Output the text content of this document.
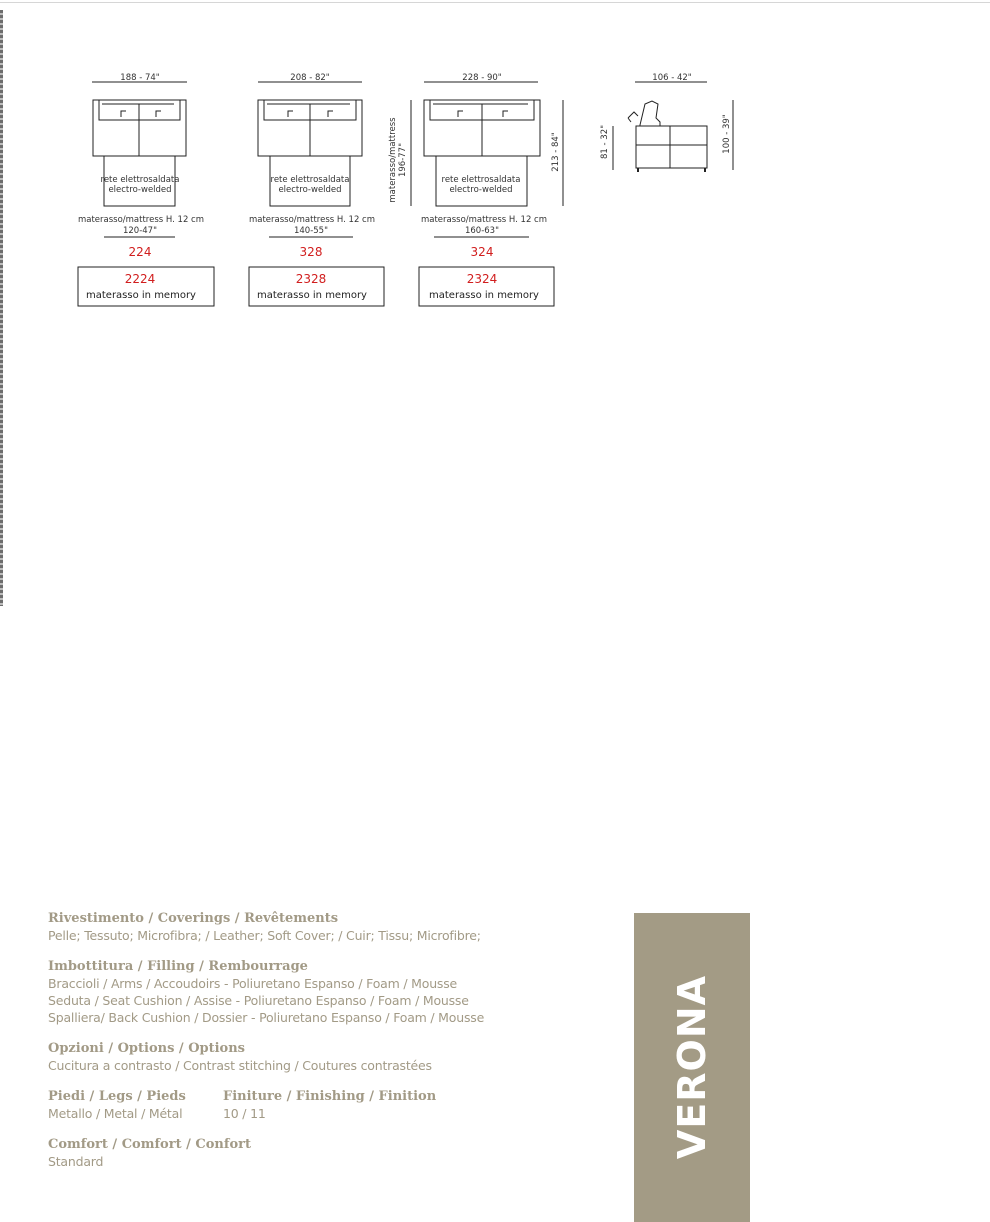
188 - 74"
rete elettrosaldata
electro-welded
materasso/mattress H. 12 cm
120-47"
224
2224
materasso in memory
208 - 82"
rete elettrosaldata
electro-welded
materasso/mattress H. 12 cm
140-55"
328
2328
materasso in memory
228 - 90"
rete elettrosaldata
electro-welded
materasso/mattress H. 12 cm
160-63"
324
2324
materasso in memory
materasso/mattress 196-77"	213 - 84"
106 - 42"
81 - 32"	100 - 39"
Rivestimento / Coverings / Revêtements
Pelle; Tessuto; Microfibra; / Leather; Soft Cover; / Cuir; Tissu; Microfibre;
Imbottitura / Filling / Rembourrage
Braccioli / Arms / Accoudoirs - Poliuretano Espanso / Foam / Mousse
Seduta / Seat Cushion / Assise - Poliuretano Espanso / Foam / Mousse
Spalliera/ Back Cushion / Dossier - Poliuretano Espanso / Foam / Mousse
Opzioni / Options / Options
Cucitura a contrasto / Contrast stitching / Coutures contrastées
Piedi / Legs / Pieds
Metallo / Metal / Métal
Finiture / Finishing / Finition
10 / 11
Comfort / Comfort / Confort
Standard
VERONA
